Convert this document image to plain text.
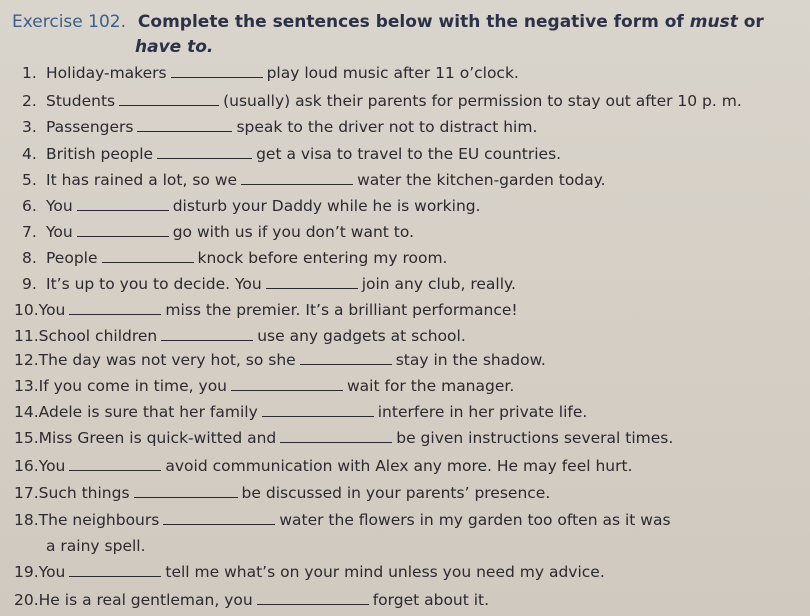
Exercise 102. Complete the sentences below with the negative form of must or
have to.
1. Holiday-makers	play loud music after 11 o’clock.
2. Students	(usually) ask their parents for permission to stay out after 10 p. m.
3. Passengers	speak to the driver not to distract him.
4. British people	get a visa to travel to the EU countries.
5. It has rained a lot, so we	water the kitchen-garden today.
6. You	disturb your Daddy while he is working.
7. You	go with us if you don’t want to.
8. People	knock before entering my room.
9. It’s up to you to decide. You	join any club, really.
10.You	miss the premier. It’s a brilliant performance!
11.School children	use any gadgets at school.
12.The day was not very hot, so she	stay in the shadow.
13.If you come in time, you	wait for the manager.
14.Adele is sure that her family	interfere in her private life.
15.Miss Green is quick-witted and	be given instructions several times.
16.You	avoid communication with Alex any more. He may feel hurt.
17.Such things	be discussed in your parents’ presence.
18.The neighbours	water the flowers in my garden too often as it was
19.You	tell me what’s on your mind unless you need my advice.
20.He is a real gentleman, you	forget about it.
a rainy spell.
